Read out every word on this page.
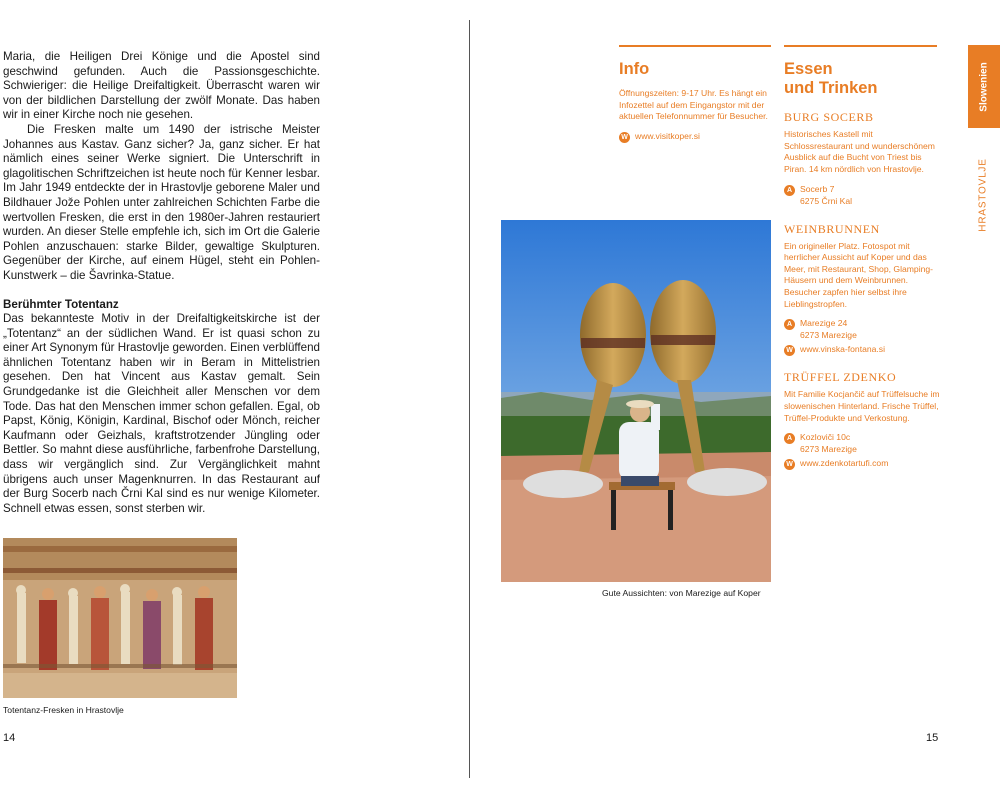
Maria, die Heiligen Drei Könige und die Apostel sind geschwind gefunden. Auch die Passionsgeschichte. Schwieriger: die Heilige Dreifaltigkeit. Überrascht waren wir von der bildlichen Darstellung der zwölf Monate. Das haben wir in einer Kirche noch nie gesehen.

Die Fresken malte um 1490 der istrische Meister Johannes aus Kastav. Ganz sicher? Ja, ganz sicher. Er hat nämlich eines seiner Werke signiert. Die Unterschrift in glagolitischen Schriftzeichen ist heute noch für Kenner lesbar. Im Jahr 1949 entdeckte der in Hrastovlje geborene Maler und Bildhauer Jože Pohlen unter zahlreichen Schichten Farbe die wertvollen Fresken, die erst in den 1980er-Jahren restauriert wurden. An dieser Stelle empfehle ich, sich im Ort die Galerie Pohlen anzuschauen: starke Bilder, gewaltige Skulpturen. Gegenüber der Kirche, auf einem Hügel, steht ein Pohlen-Kunstwerk – die Šavrinka-Statue.

Berühmter Totentanz

Das bekannteste Motiv in der Dreifaltigkeitskirche ist der „Totentanz“ an der südlichen Wand. Er ist quasi schon zu einer Art Synonym für Hrastovlje geworden. Einen verblüffend ähnlichen Totentanz haben wir in Beram in Mittelistrien gesehen. Den hat Vincent aus Kastav gemalt. Sein Grundgedanke ist die Gleichheit aller Menschen vor dem Tode. Das hat den Menschen immer schon gefallen. Egal, ob Papst, König, Königin, Kardinal, Bischof oder Mönch, reicher Kaufmann oder Geizhals, kraftstrotzender Jüngling oder Bettler. So mahnt diese ausführliche, farbenfrohe Darstellung, dass wir vergänglich sind. Zur Vergänglichkeit mahnt übrigens auch unser Magenknurren. In das Restaurant auf der Burg Socerb nach Črni Kal sind es nur wenige Kilometer. Schnell etwas essen, sonst sterben wir.

Totentanz-Fresken in Hrastovlje
14
Info
Öffnungszeiten: 9-17 Uhr. Es hängt ein Infozettel auf dem Eingangstor mit der aktuellen Telefonnummer für Besucher.
W www.visitkoper.si
Essen
und Trinken
BURG SOCERB
Historisches Kastell mit Schlossrestaurant und wunderschönem Ausblick auf die Bucht von Triest bis Piran. 14 km nördlich von Hrastovlje.
A Socerb 7
6275 Črni Kal
WEINBRUNNEN
Ein origineller Platz. Fotospot mit herrlicher Aussicht auf Koper und das Meer, mit Restaurant, Shop, Glamping-Häusern und dem Weinbrunnen. Besucher zapfen hier selbst ihre Lieblingstropfen.
A Marezige 24
6273 Marezige
W www.vinska-fontana.si
TRÜFFEL ZDENKO
Mit Familie Kocjančič auf Trüffelsuche im slowenischen Hinterland. Frische Trüffel, Trüffel-Produkte und Verkostung.
A Kozloviči 10c
6273 Marezige
W www.zdenkotartufi.com
Slowenien
HRASTOVLJE
Gute Aussichten: von Marezige auf Koper
15
